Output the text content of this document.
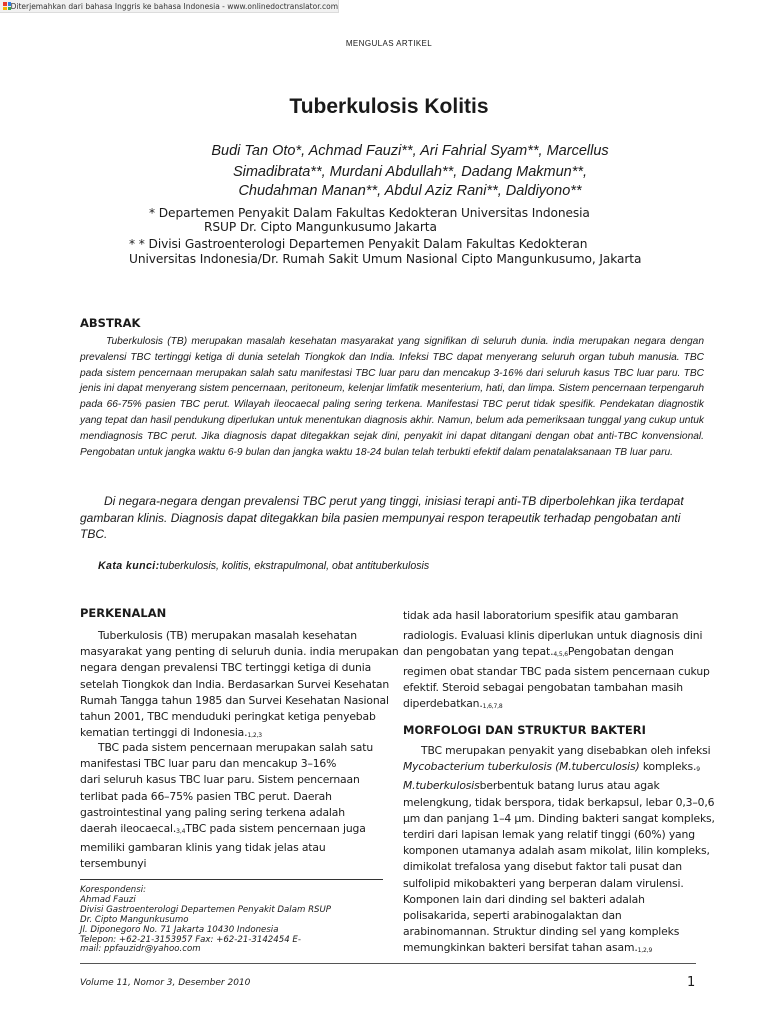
Diterjemahkan dari bahasa Inggris ke bahasa Indonesia - www.onlinedoctranslator.com
MENGULAS ARTIKEL
Tuberkulosis Kolitis
Budi Tan Oto*, Achmad Fauzi**, Ari Fahrial Syam**, Marcellus
Simadibrata**, Murdani Abdullah**, Dadang Makmun**,
Chudahman Manan**, Abdul Aziz Rani**, Daldiyono**
* Departemen Penyakit Dalam Fakultas Kedokteran Universitas Indonesia
RSUP Dr. Cipto Mangunkusumo Jakarta
* * Divisi Gastroenterologi Departemen Penyakit Dalam Fakultas Kedokteran
Universitas Indonesia/Dr. Rumah Sakit Umum Nasional Cipto Mangunkusumo, Jakarta
ABSTRAK

Tuberkulosis (TB) merupakan masalah kesehatan masyarakat yang signifikan di seluruh dunia. india merupakan negara dengan prevalensi TBC tertinggi ketiga di dunia setelah Tiongkok dan India. Infeksi TBC dapat menyerang seluruh organ tubuh manusia. TBC pada sistem pencernaan merupakan salah satu manifestasi TBC luar paru dan mencakup 3-16% dari seluruh kasus TBC luar paru. TBC jenis ini dapat menyerang sistem pencernaan, peritoneum, kelenjar limfatik mesenterium, hati, dan limpa. Sistem pencernaan terpengaruh pada 66-75% pasien TBC perut. Wilayah ileocaecal paling sering terkena. Manifestasi TBC perut tidak spesifik. Pendekatan diagnostik yang tepat dan hasil pendukung diperlukan untuk menentukan diagnosis akhir. Namun, belum ada pemeriksaan tunggal yang cukup untuk mendiagnosis TBC perut. Jika diagnosis dapat ditegakkan sejak dini, penyakit ini dapat ditangani dengan obat anti-TBC konvensional. Pengobatan untuk jangka waktu 6-9 bulan dan jangka waktu 18-24 bulan telah terbukti efektif dalam penatalaksanaan TB luar paru.

Di negara-negara dengan prevalensi TBC perut yang tinggi, inisiasi terapi anti-TB diperbolehkan jika terdapat gambaran klinis. Diagnosis dapat ditegakkan bila pasien mempunyai respon terapeutik terhadap pengobatan anti TBC.

Kata kunci:tuberkulosis, kolitis, ekstrapulmonal, obat antituberkulosis
PERKENALAN
Tuberkulosis (TB) merupakan masalah kesehatan
masyarakat yang penting di seluruh dunia. india merupakan
negara dengan prevalensi TBC tertinggi ketiga di dunia
setelah Tiongkok dan India. Berdasarkan Survei Kesehatan
Rumah Tangga tahun 1985 dan Survei Kesehatan Nasional
tahun 2001, TBC menduduki peringkat ketiga penyebab
kematian tertinggi di Indonesia.1,2,3
TBC pada sistem pencernaan merupakan salah satu
manifestasi TBC luar paru dan mencakup 3–16%
dari seluruh kasus TBC luar paru. Sistem pencernaan
terlibat pada 66–75% pasien TBC perut. Daerah
gastrointestinal yang paling sering terkena adalah
daerah ileocaecal.3,4TBC pada sistem pencernaan juga
memiliki gambaran klinis yang tidak jelas atau
tersembunyi
tidak ada hasil laboratorium spesifik atau gambaran
radiologis. Evaluasi klinis diperlukan untuk diagnosis dini
dan pengobatan yang tepat.4,5,6Pengobatan dengan
regimen obat standar TBC pada sistem pencernaan cukup
efektif. Steroid sebagai pengobatan tambahan masih
diperdebatkan.1,6,7,8
MORFOLOGI DAN STRUKTUR BAKTERI
TBC merupakan penyakit yang disebabkan oleh infeksi
Mycobacterium tuberkulosis (M.tuberculosis) kompleks.9
M.tuberkulosisberbentuk batang lurus atau agak
melengkung, tidak berspora, tidak berkapsul, lebar 0,3–0,6
μm dan panjang 1–4 μm. Dinding bakteri sangat kompleks,
terdiri dari lapisan lemak yang relatif tinggi (60%) yang
komponen utamanya adalah asam mikolat, lilin kompleks,
dimikolat trefalosa yang disebut faktor tali pusat dan
sulfolipid mikobakteri yang berperan dalam virulensi.
Komponen lain dari dinding sel bakteri adalah
polisakarida, seperti arabinogalaktan dan
arabinomannan. Struktur dinding sel yang kompleks
memungkinkan bakteri bersifat tahan asam.1,2,9
Korespondensi:
Ahmad Fauzi
Divisi Gastroenterologi Departemen Penyakit Dalam RSUP
Dr. Cipto Mangunkusumo
Jl. Diponegoro No. 71 Jakarta 10430 Indonesia
Telepon: +62-21-3153957 Fax: +62-21-3142454 E-
mail: ppfauzidr@yahoo.com
Volume 11, Nomor 3, Desember 2010	1
